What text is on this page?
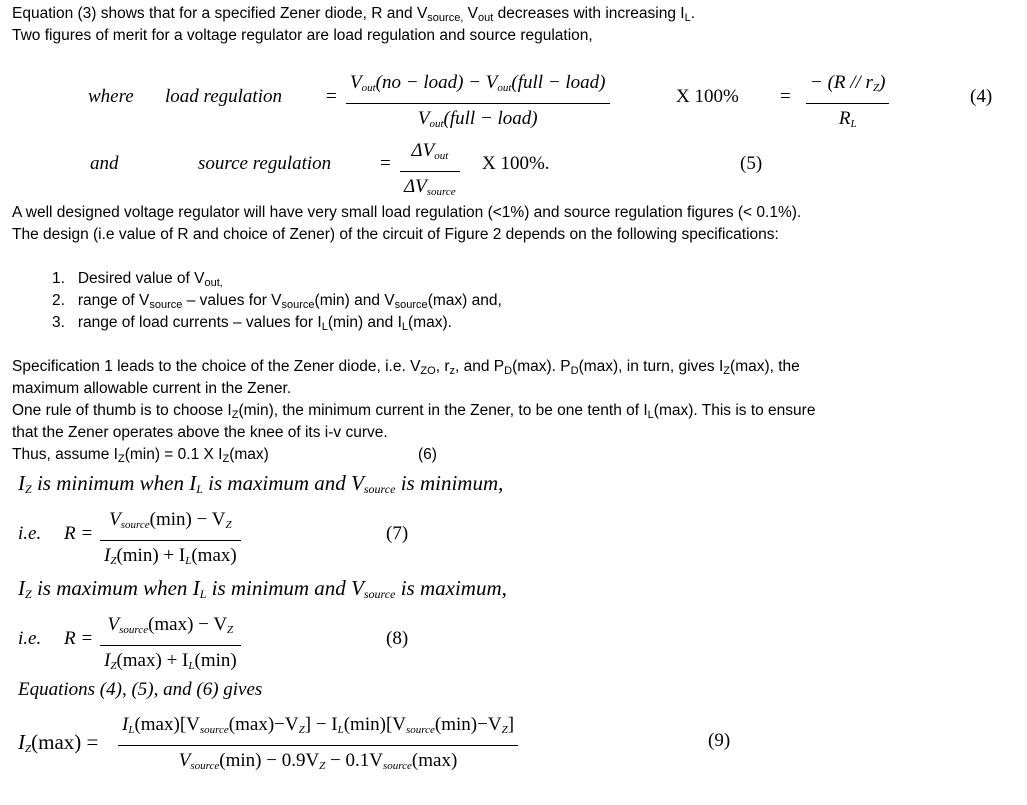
Equation (3) shows that for a specified Zener diode, R and $V_{source,}$ $V_{out}$ decreases with increasing $I_L$.
Two figures of merit for a voltage regulator are load regulation and source regulation,
where load regulation = $\frac{V_{out}(no - load) - V_{out}(full - load)}{V_{out}(full - load)}$	X $100\% = \frac{- (R // r_Z)}{R_L}$	(4)
and	source regulation	= $\frac{\Delta V_{out}}{\Delta V_{source}}$ X 100%.	(5)
A well designed voltage regulator will have very small load regulation (<1%) and source regulation figures (< 0.1%).
The design (i.e value of R and choice of Zener) of the circuit of Figure 2 depends on the following specifications:
1. Desired value of $V_{out,}$
2. range of $V_{source}$ – values for $V_{source}(\min)$ and $V_{source}(\max)$ and,
3. range of load currents – values for $I_L(\min)$ and $I_L(\max)$.
Specification 1 leads to the choice of the Zener diode, i.e. $V_{ZO}$, $r_z$, and $P_D(\max)$. $P_D(\max)$, in turn, gives $I_Z(\max)$, the
maximum allowable current in the Zener.
One rule of thumb is to choose $I_Z(\min)$, the minimum current in the Zener, to be one tenth of $I_L(\max)$. This is to ensure
that the Zener operates above the knee of its i-v curve.
Thus, assume $I_Z(\min) = 0.1$ X $I_Z(\max)$	(6)
$I_Z$ is minimum when $I_L$ is maximum and $V_{source}$ is minimum,
i.e. $R = \frac{V_{source}(\min) - V_Z}{I_Z(\min) + I_L(\max)}$	(7)
$I_Z$ is maximum when $I_L$ is minimum and $V_{source}$ is maximum,
i.e. $R = \frac{V_{source}(\max) - V_Z}{I_Z(\max) + I_L(\min)}$	(8)
Equations (4), (5), and (6) gives
$I_Z(\max) = \frac{I_L(\max)[V_{source}(\max)-V_Z] - I_L(\min)[V_{source}(\min)-V_Z]}{V_{source}(\min) - 0.9V_Z - 0.1V_{source}(\max)}$	(9)
